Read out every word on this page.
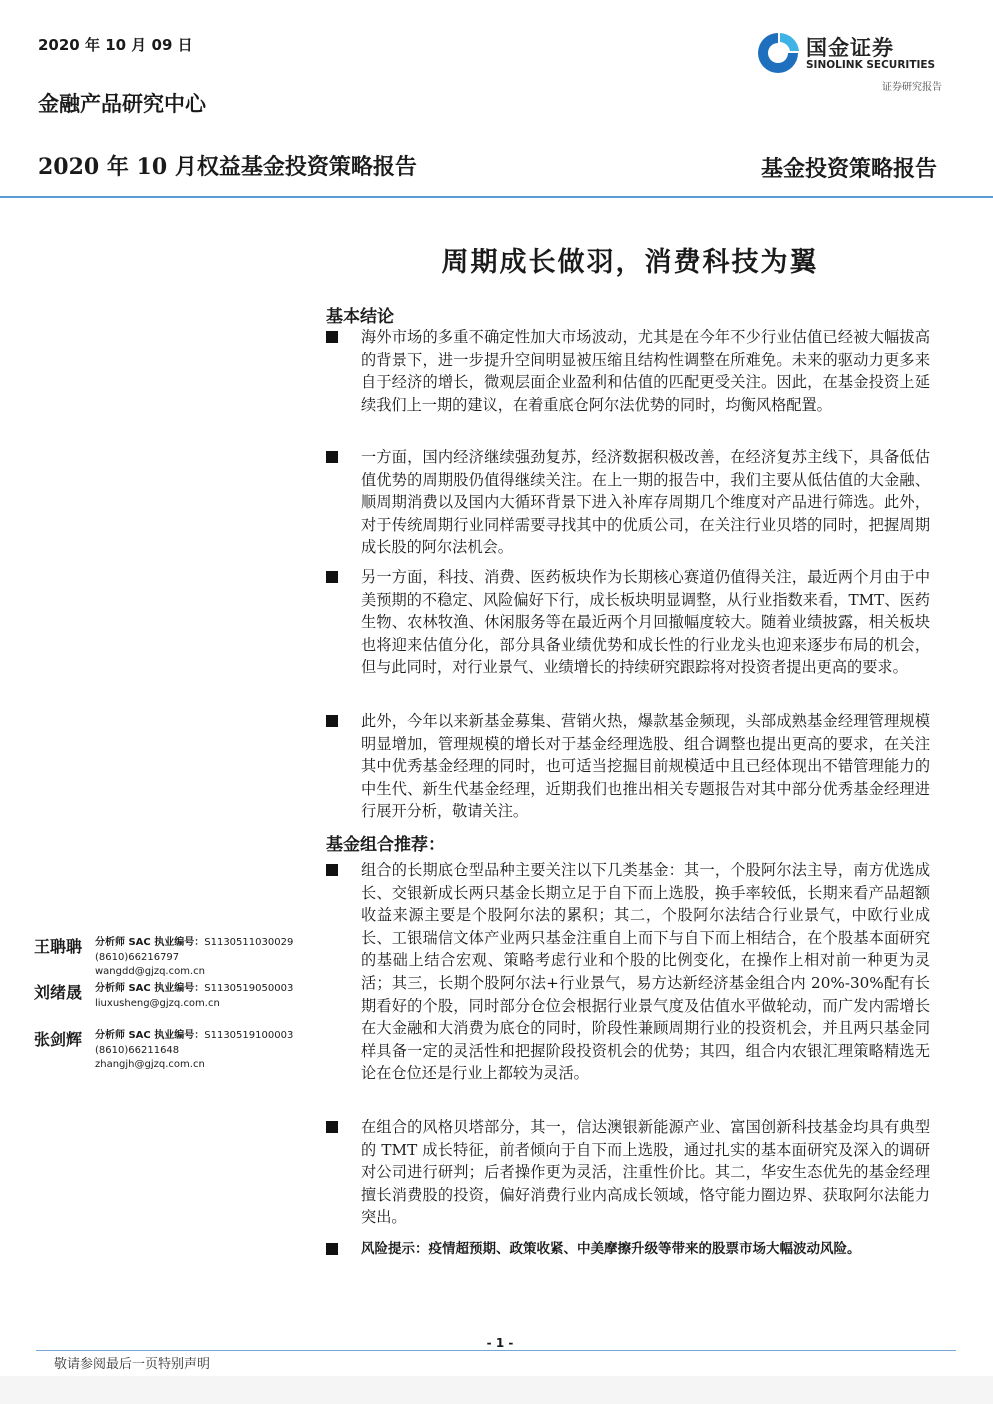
2020 年 10 月 09 日
金融产品研究中心
2020 年 10 月权益基金投资策略报告	基金投资策略报告
国金证券
SINOLINK SECURITIES
证券研究报告
周期成长做羽，消费科技为翼
基本结论
海外市场的多重不确定性加大市场波动，尤其是在今年不少行业估值已经被大幅拔高的背景下，进一步提升空间明显被压缩且结构性调整在所难免。未来的驱动力更多来自于经济的增长，微观层面企业盈利和估值的匹配更受关注。因此，在基金投资上延续我们上一期的建议，在着重底仓阿尔法优势的同时，均衡风格配置。
一方面，国内经济继续强劲复苏，经济数据积极改善，在经济复苏主线下，具备低估值优势的周期股仍值得继续关注。在上一期的报告中，我们主要从低估值的大金融、顺周期消费以及国内大循环背景下进入补库存周期几个维度对产品进行筛选。此外，对于传统周期行业同样需要寻找其中的优质公司，在关注行业贝塔的同时，把握周期成长股的阿尔法机会。
另一方面，科技、消费、医药板块作为长期核心赛道仍值得关注，最近两个月由于中美预期的不稳定、风险偏好下行，成长板块明显调整，从行业指数来看，TMT、医药生物、农林牧渔、休闲服务等在最近两个月回撤幅度较大。随着业绩披露，相关板块也将迎来估值分化，部分具备业绩优势和成长性的行业龙头也迎来逐步布局的机会，但与此同时，对行业景气、业绩增长的持续研究跟踪将对投资者提出更高的要求。
此外，今年以来新基金募集、营销火热，爆款基金频现，头部成熟基金经理管理规模明显增加，管理规模的增长对于基金经理选股、组合调整也提出更高的要求，在关注其中优秀基金经理的同时，也可适当挖掘目前规模适中且已经体现出不错管理能力的中生代、新生代基金经理，近期我们也推出相关专题报告对其中部分优秀基金经理进行展开分析，敬请关注。
基金组合推荐：
组合的长期底仓型品种主要关注以下几类基金：其一，个股阿尔法主导，南方优选成长、交银新成长两只基金长期立足于自下而上选股，换手率较低，长期来看产品超额收益来源主要是个股阿尔法的累积；其二，个股阿尔法结合行业景气，中欧行业成长、工银瑞信文体产业两只基金注重自上而下与自下而上相结合，在个股基本面研究的基础上结合宏观、策略考虑行业和个股的比例变化，在操作上相对前一种更为灵活；其三，长期个股阿尔法+行业景气，易方达新经济基金组合内 20%-30%配有长期看好的个股，同时部分仓位会根据行业景气度及估值水平做轮动，而广发内需增长在大金融和大消费为底仓的同时，阶段性兼顾周期行业的投资机会，并且两只基金同样具备一定的灵活性和把握阶段投资机会的优势；其四，组合内农银汇理策略精选无论在仓位还是行业上都较为灵活。
在组合的风格贝塔部分，其一，信达澳银新能源产业、富国创新科技基金均具有典型的 TMT 成长特征，前者倾向于自下而上选股，通过扎实的基本面研究及深入的调研对公司进行研判；后者操作更为灵活，注重性价比。其二，华安生态优先的基金经理擅长消费股的投资，偏好消费行业内高成长领域，恪守能力圈边界、获取阿尔法能力突出。
风险提示：疫情超预期、政策收紧、中美摩擦升级等带来的股票市场大幅波动风险。
王聃聃	分析师 SAC 执业编号：S1130511030029
(8610)66216797
wangdd@gjzq.com.cn
刘绪晟	分析师 SAC 执业编号：S1130519050003
liuxusheng@gjzq.com.cn
张剑辉	分析师 SAC 执业编号：S1130519100003
(8610)66211648
zhangjh@gjzq.com.cn
- 1 -
敬请参阅最后一页特别声明
